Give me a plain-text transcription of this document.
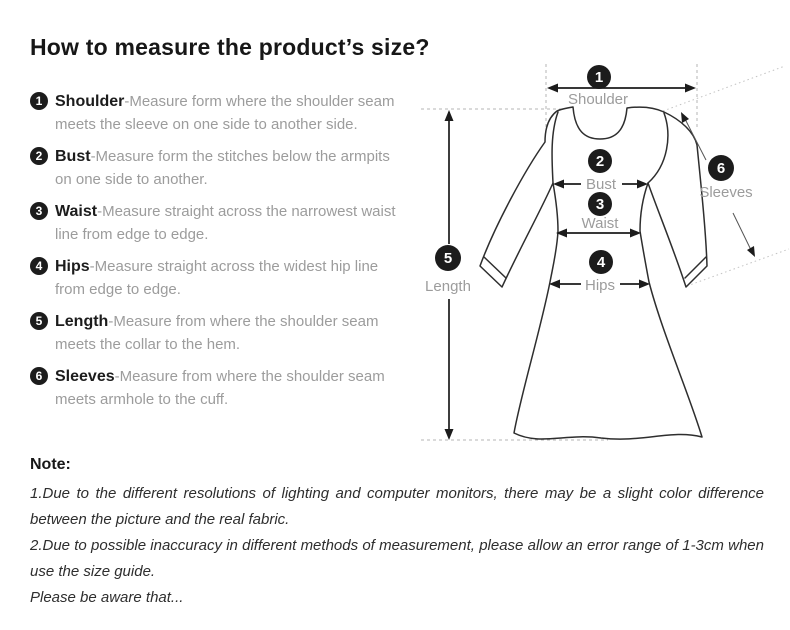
How to measure the product’s size?
1 Shoulder-Measure form where the shoulder seam meets the sleeve on one side to another side.
2 Bust-Measure form the stitches below the armpits on one side to another.
3 Waist-Measure straight across the narrowest waist line from edge to edge.
4 Hips-Measure straight across the widest hip line from edge to edge.
5 Length-Measure from where the shoulder seam meets the collar to the hem.
6 Sleeves-Measure from where the shoulder seam meets armhole to the cuff.
1
2
3
4
5
6
Shoulder
Bust
Waist
Hips
Length
Sleeves
Note:
1.Due to the different resolutions of lighting and computer monitors, there may be a slight color difference between the picture and the real fabric.
2.Due to possible inaccuracy in different methods of measurement, please allow an error range of 1-3cm when use the size guide.
Please be aware that...
